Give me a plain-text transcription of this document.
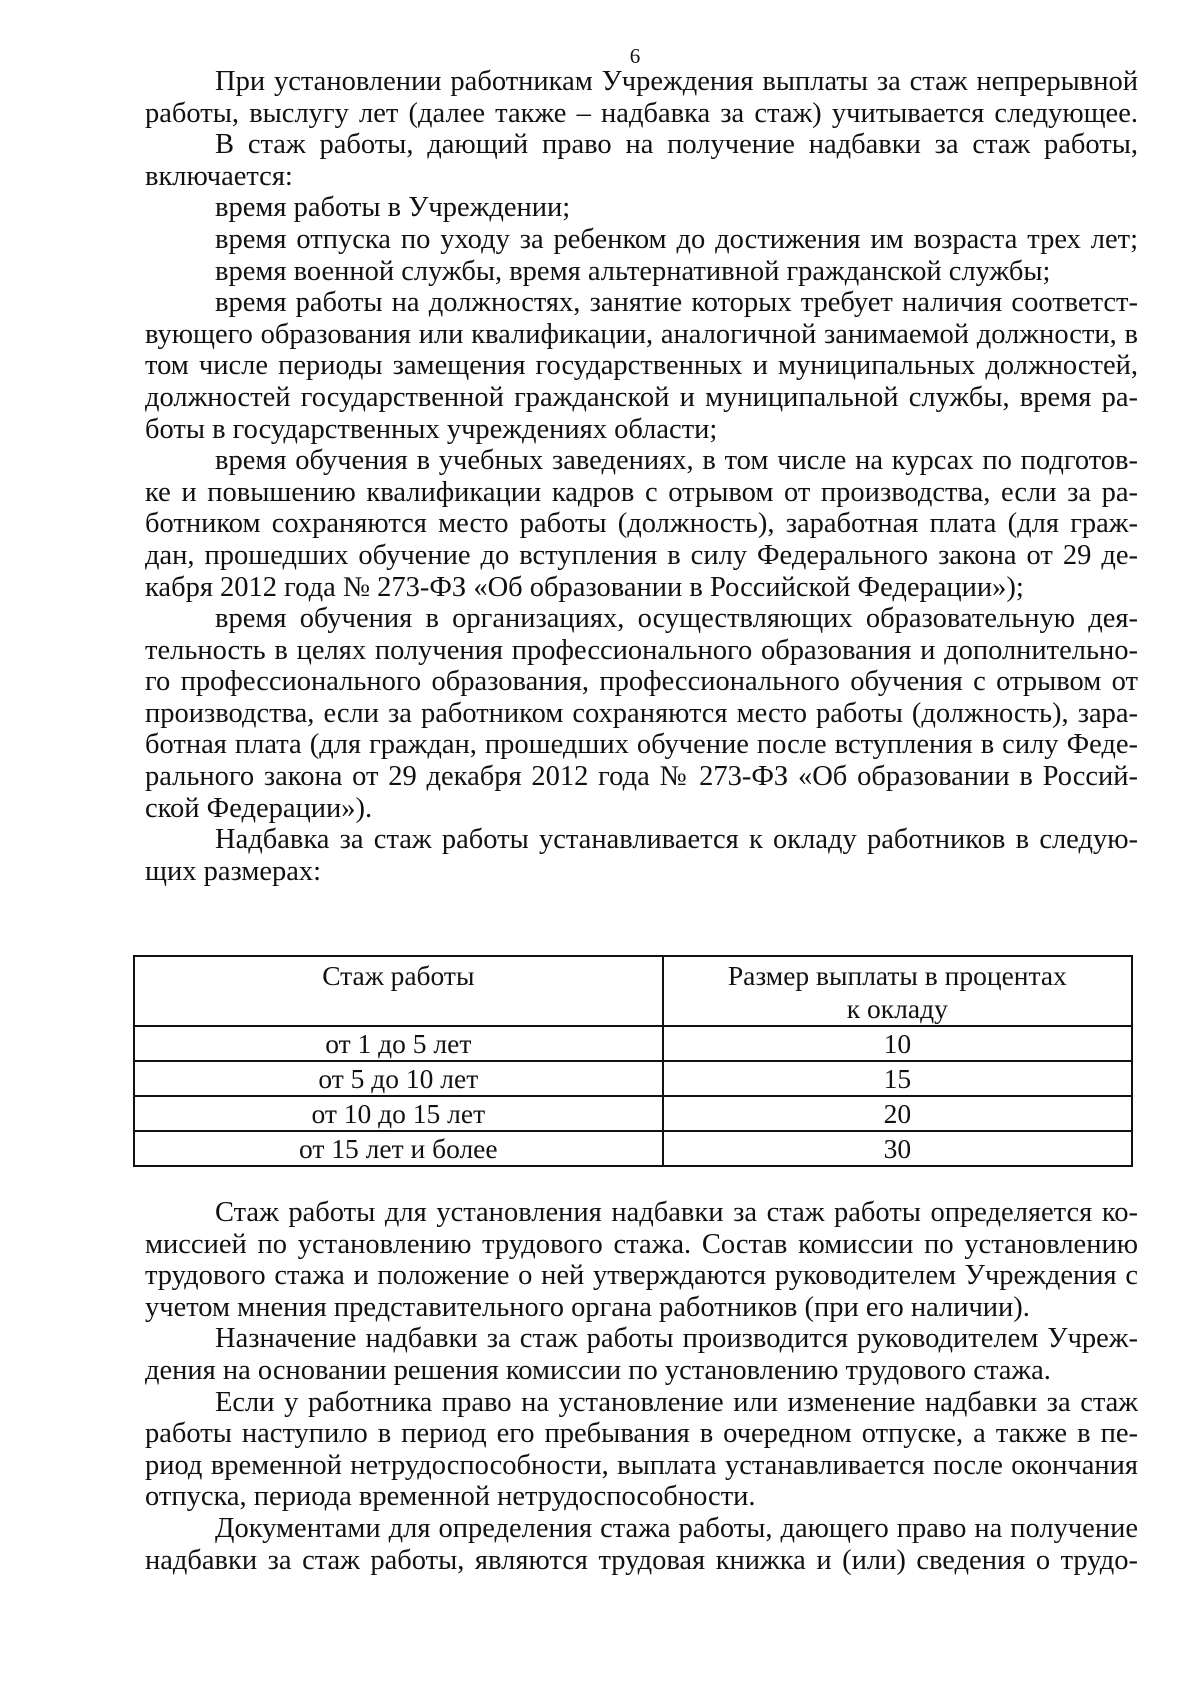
6
При установлении работникам Учреждения выплаты за стаж непрерывной
работы, выслугу лет (далее также – надбавка за стаж) учитывается следующее.
В стаж работы, дающий право на получение надбавки за стаж работы,
включается:
время работы в Учреждении;
время отпуска по уходу за ребенком до достижения им возраста трех лет;
время военной службы, время альтернативной гражданской службы;
время работы на должностях, занятие которых требует наличия соответст-
вующего образования или квалификации, аналогичной занимаемой должности, в
том числе периоды замещения государственных и муниципальных должностей,
должностей государственной гражданской и муниципальной службы, время ра-
боты в государственных учреждениях области;
время обучения в учебных заведениях, в том числе на курсах по подготов-
ке и повышению квалификации кадров с отрывом от производства, если за ра-
ботником сохраняются место работы (должность), заработная плата (для граж-
дан, прошедших обучение до вступления в силу Федерального закона от 29 де-
кабря 2012 года № 273-ФЗ «Об образовании в Российской Федерации»);
время обучения в организациях, осуществляющих образовательную дея-
тельность в целях получения профессионального образования и дополнительно-
го профессионального образования, профессионального обучения с отрывом от
производства, если за работником сохраняются место работы (должность), зара-
ботная плата (для граждан, прошедших обучение после вступления в силу Феде-
рального закона от 29 декабря 2012 года № 273-ФЗ «Об образовании в Россий-
ской Федерации»).
Надбавка за стаж работы устанавливается к окладу работников в следую-
щих размерах:
Стаж работы	Размер выплаты в процентах
к окладу

от 1 до 5 лет	10
от 5 до 10 лет	15
от 10 до 15 лет	20
от 15 лет и более	30
Стаж работы для установления надбавки за стаж работы определяется ко-
миссией по установлению трудового стажа. Состав комиссии по установлению
трудового стажа и положение о ней утверждаются руководителем Учреждения с
учетом мнения представительного органа работников (при его наличии).
Назначение надбавки за стаж работы производится руководителем Учреж-
дения на основании решения комиссии по установлению трудового стажа.
Если у работника право на установление или изменение надбавки за стаж
работы наступило в период его пребывания в очередном отпуске, а также в пе-
риод временной нетрудоспособности, выплата устанавливается после окончания
отпуска, периода временной нетрудоспособности.
Документами для определения стажа работы, дающего право на получение
надбавки за стаж работы, являются трудовая книжка и (или) сведения о трудо-
